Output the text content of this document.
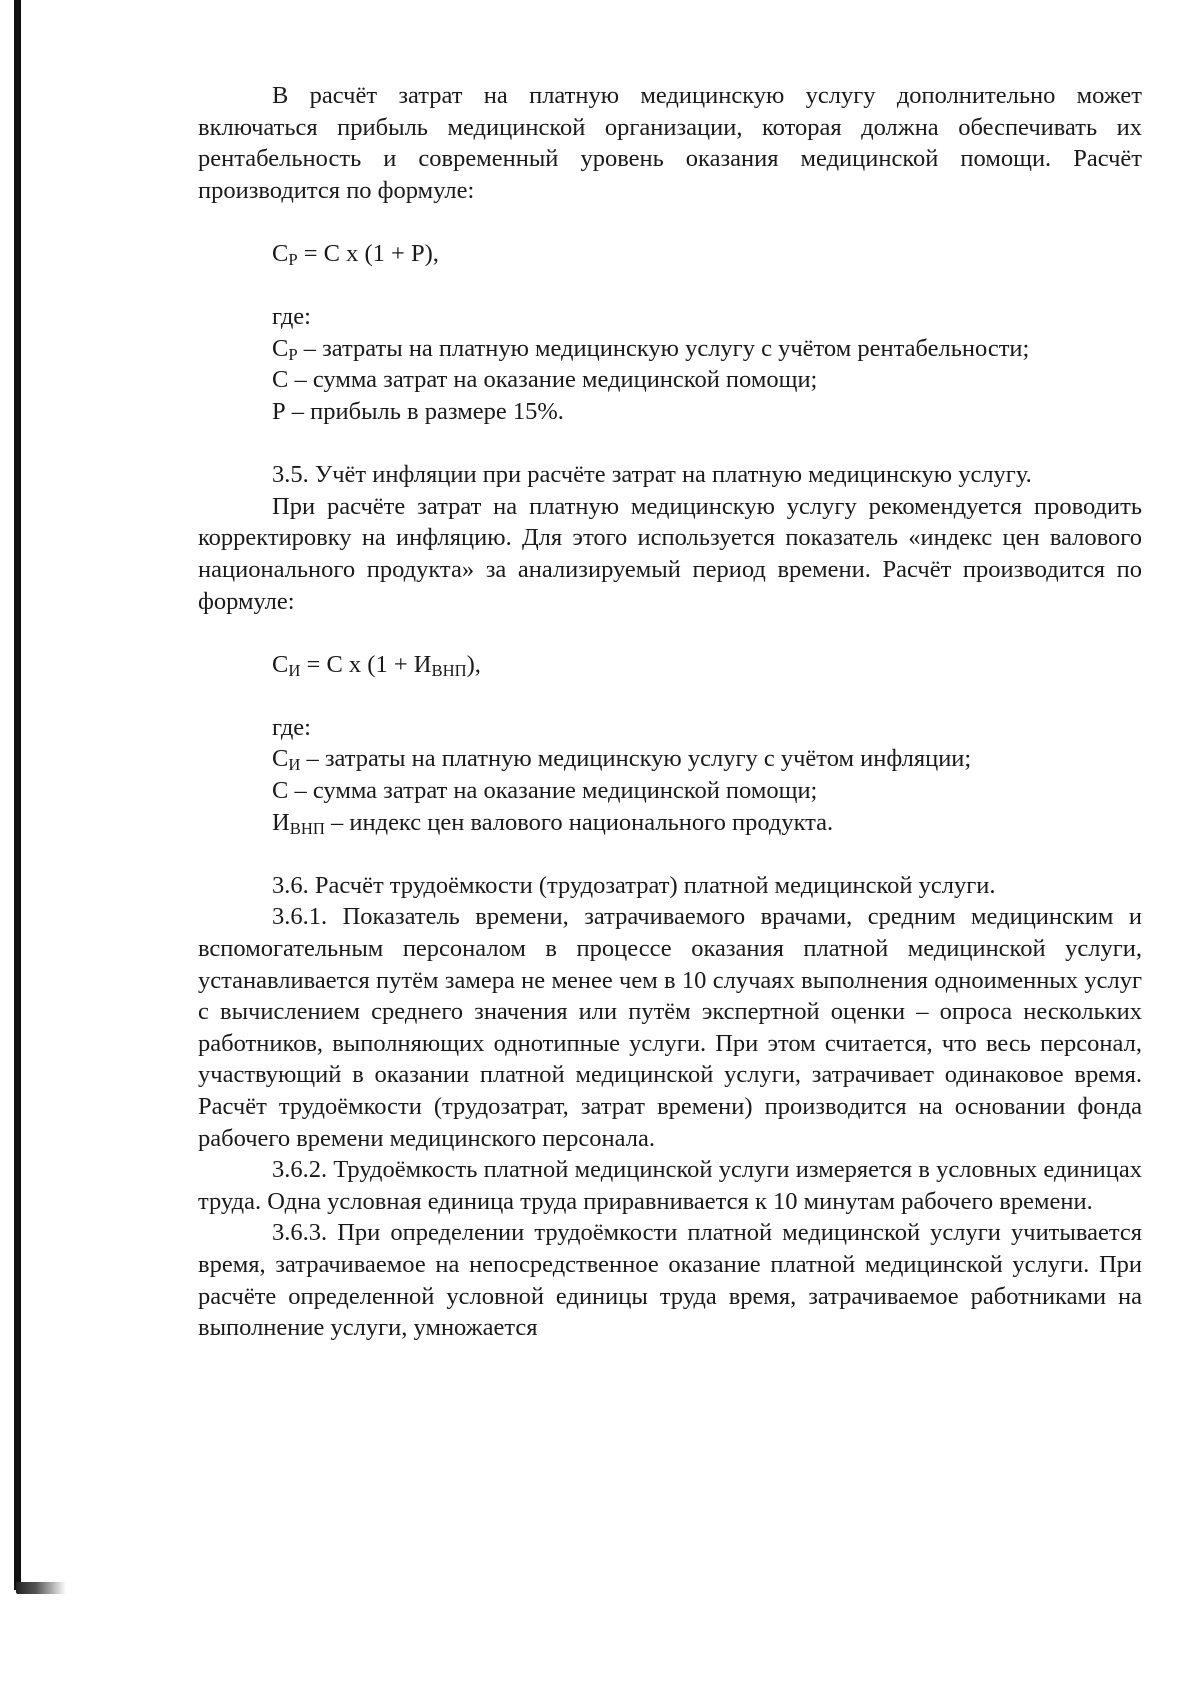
В расчёт затрат на платную медицинскую услугу дополнительно может включаться прибыль медицинской организации, которая должна обеспечивать их рентабельность и современный уровень оказания медицинской помощи. Расчёт производится по формуле:

$С_Р = С$ х (1 + Р),

где:

$С_Р$ – затраты на платную медицинскую услугу с учётом рентабельности;

С – сумма затрат на оказание медицинской помощи;

Р – прибыль в размере 15%.

3.5. Учёт инфляции при расчёте затрат на платную медицинскую услугу.

При расчёте затрат на платную медицинскую услугу рекомендуется проводить корректировку на инфляцию. Для этого используется показатель «индекс цен валового национального продукта» за анализируемый период времени. Расчёт производится по формуле:

$С_И = С$ х $(1 + И_{ВНП})$,

где:

$С_И$ – затраты на платную медицинскую услугу с учётом инфляции;

С – сумма затрат на оказание медицинской помощи;

$И_{ВНП}$ – индекс цен валового национального продукта.

3.6. Расчёт трудоёмкости (трудозатрат) платной медицинской услуги.

3.6.1. Показатель времени, затрачиваемого врачами, средним медицинским и вспомогательным персоналом в процессе оказания платной медицинской услуги, устанавливается путём замера не менее чем в 10 случаях выполнения одноименных услуг с вычислением среднего значения или путём экспертной оценки – опроса нескольких работников, выполняющих однотипные услуги. При этом считается, что весь персонал, участвующий в оказании платной медицинской услуги, затрачивает одинаковое время. Расчёт трудоёмкости (трудозатрат, затрат времени) производится на основании фонда рабочего времени медицинского персонала.

3.6.2. Трудоёмкость платной медицинской услуги измеряется в условных единицах труда. Одна условная единица труда приравнивается к 10 минутам рабочего времени.

3.6.3. При определении трудоёмкости платной медицинской услуги учитывается время, затрачиваемое на непосредственное оказание платной медицинской услуги. При расчёте определенной условной единицы труда время, затрачиваемое работниками на выполнение услуги, умножается
